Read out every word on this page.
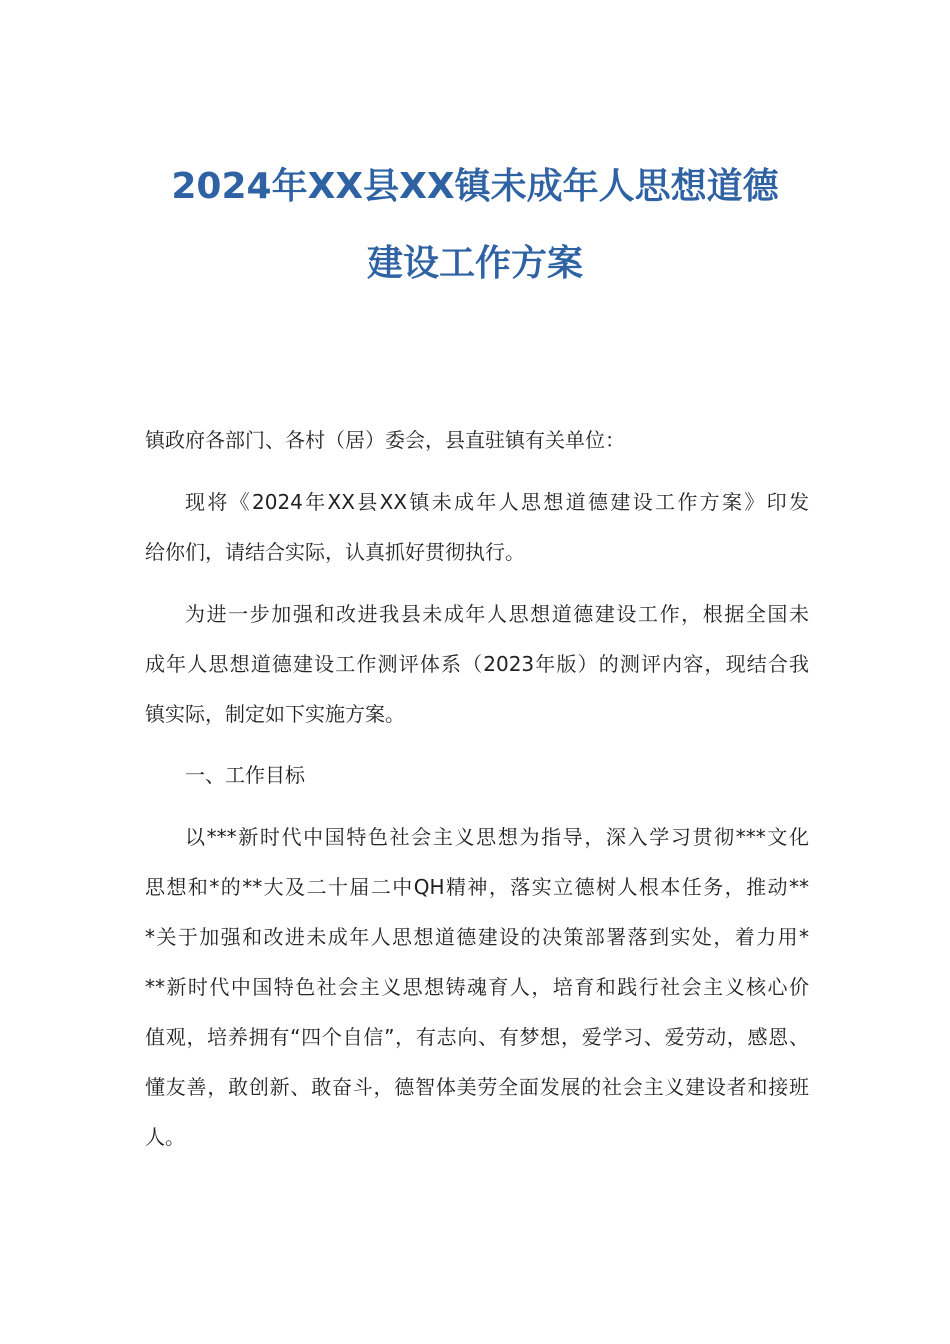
2024年XX县XX镇未成年人思想道德
建设工作方案

镇政府各部门、各村（居）委会，县直驻镇有关单位：

现将《2024年XX县XX镇未成年人思想道德建设工作方案》印发
给你们，请结合实际，认真抓好贯彻执行。

为进一步加强和改进我县未成年人思想道德建设工作，根据全国未
成年人思想道德建设工作测评体系（2023年版）的测评内容，现结合我
镇实际，制定如下实施方案。

一、工作目标

以***新时代中国特色社会主义思想为指导，深入学习贯彻***文化
思想和*的**大及二十届二中QH精神，落实立德树人根本任务，推动**
*关于加强和改进未成年人思想道德建设的决策部署落到实处，着力用*
**新时代中国特色社会主义思想铸魂育人，培育和践行社会主义核心价
值观，培养拥有“四个自信”，有志向、有梦想，爱学习、爱劳动，感恩、
懂友善，敢创新、敢奋斗，德智体美劳全面发展的社会主义建设者和接班
人。
